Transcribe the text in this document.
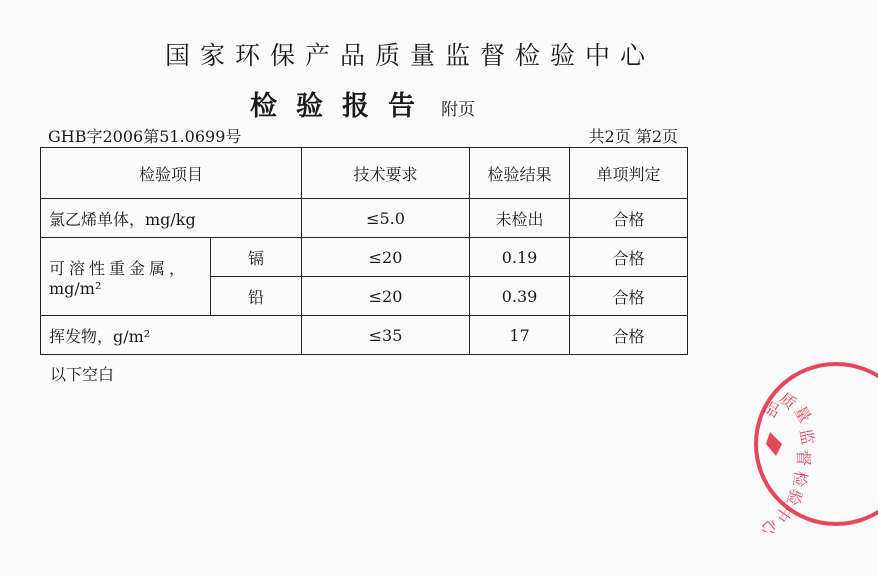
国家环保产品质量监督检验中心
检验报告 附页
GHB字2006第51.0699号	共2页 第2页
检验项目		技术要求	检验结果	单项判定
氯乙烯单体，mg/kg		≤5.0	未检出	合格

可溶性重金属，
mg/m²	镉	≤20	0.19	合格
	铅	≤20	0.39	合格
挥发物，g/m²		≤35	17	合格
以下空白
品
质
量
监
督
检
验
中
心
